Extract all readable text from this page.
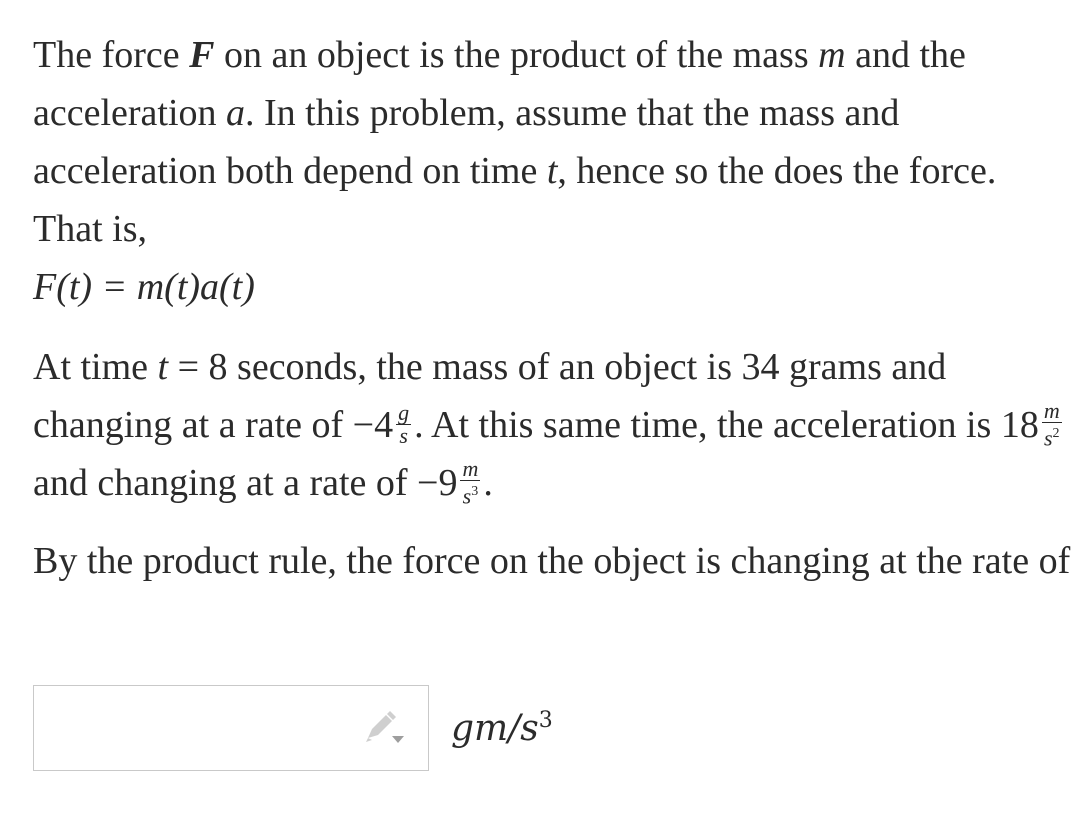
The force F on an object is the product of the mass m and the acceleration a. In this problem, assume that the mass and acceleration both depend on time t, hence so the does the force. That is,

F(t) = m(t)a(t)

At time t = 8 seconds, the mass of an object is 34 grams and changing at a rate of $-4 \frac{g}{s}$ . At this same time, the acceleration is $18 \frac{m}{s^2}$
and changing at a rate of $-9 \frac{m}{s^3}$ .

By the product rule, the force on the object is changing at the rate of

$gm/s^3$
